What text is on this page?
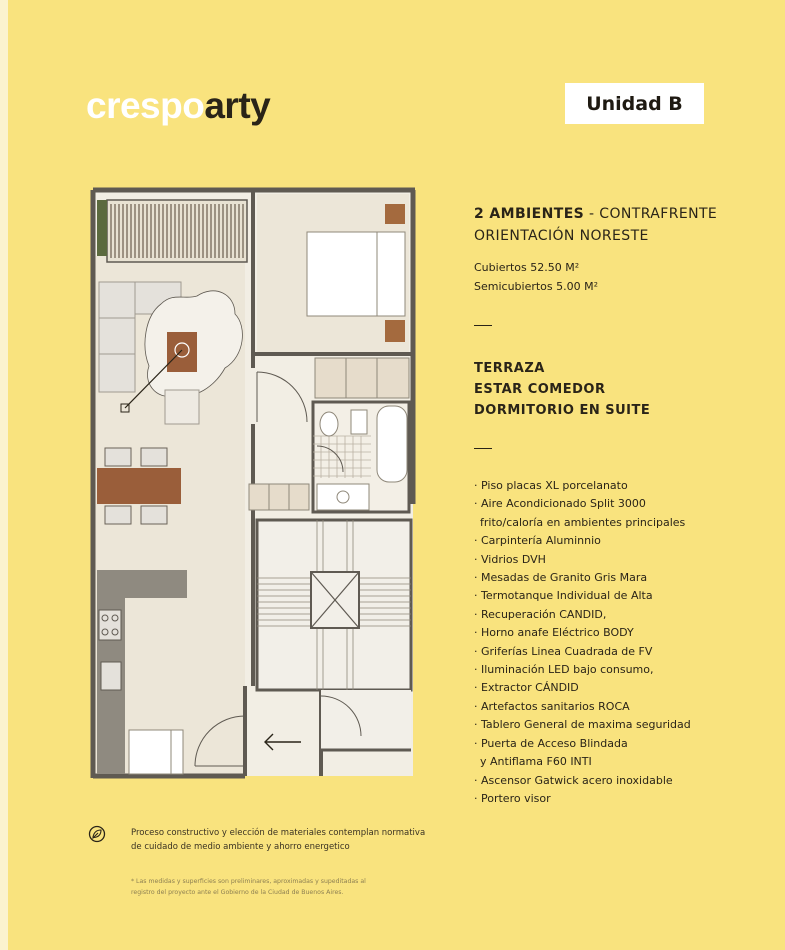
crespoarty	Unidad B
2 AMBIENTES - CONTRAFRENTE
ORIENTACIÓN NORESTE
Cubiertos 52.50 M²
Semicubiertos 5.00 M²
TERRAZA
ESTAR COMEDOR
DORMITORIO EN SUITE
· Piso placas XL porcelanato
· Aire Acondicionado Split 3000
frito/caloría en ambientes principales
· Carpintería Aluminnio
· Vidrios DVH
· Mesadas de Granito Gris Mara
· Termotanque Individual de Alta
· Recuperación CANDID,
· Horno anafe Eléctrico BODY
· Griferías Linea Cuadrada de FV
· Iluminación LED bajo consumo,
· Extractor CÁNDID
· Artefactos sanitarios ROCA
· Tablero General de maxima seguridad
· Puerta de Acceso Blindada
y Antiflama F60 INTI
· Ascensor Gatwick acero inoxidable
· Portero visor
Proceso constructivo y elección de materiales contemplan normativa
de cuidado de medio ambiente y ahorro energetico
* Las medidas y superficies son preliminares, aproximadas y supeditadas al
registro del proyecto ante el Gobierno de la Ciudad de Buenos Aires.
